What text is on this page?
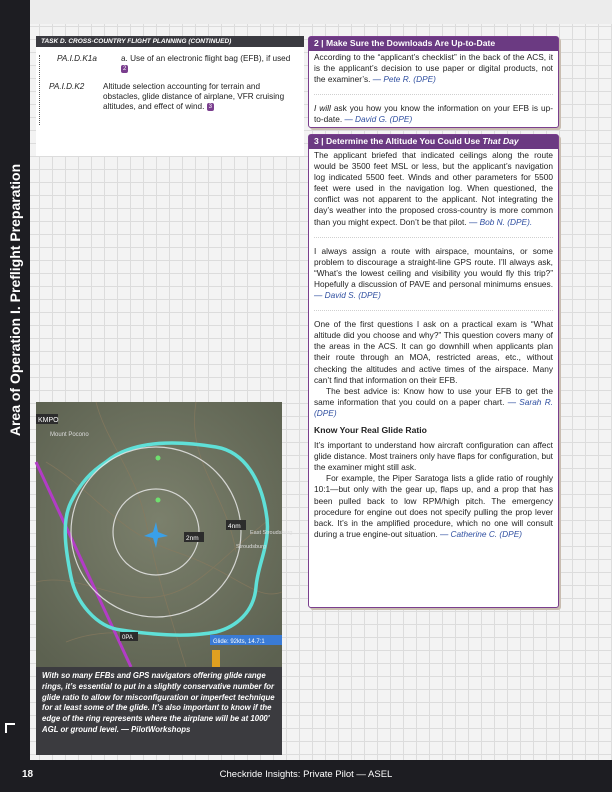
Area of Operation I. Preflight Preparation
TASK D. CROSS-COUNTRY FLIGHT PLANNING (CONTINUED)
PA.I.D.K1a	a. Use of an electronic flight bag (EFB), if used 2
PA.I.D.K2 Altitude selection accounting for terrain and obstacles, glide distance of airplane, VFR cruising altitudes, and effect of wind. 3
2 | Make Sure the Downloads Are Up-to-Date

According to the “applicant’s checklist” in the back of the ACS, it is the applicant’s decision to use paper or digital products, not the examiner’s. — Pete R. (DPE)

I will ask you how you know the information on your EFB is up-to-date. — David G. (DPE)

3 | Determine the Altitude You Could Use That Day

The applicant briefed that indicated ceilings along the route would be 3500 feet MSL or less, but the applicant’s navigation log indicated 5500 feet. Winds and other parameters for 5500 feet were used in the navigation log. When questioned, the conflict was not apparent to the applicant. Not integrating the day’s weather into the proposed cross-country is more common than you might expect. Don’t be that pilot. — Bob N. (DPE).

I always assign a route with airspace, mountains, or some problem to discourage a straight-line GPS route. I’ll always ask, “What’s the lowest ceiling and visibility you would fly this trip?” Hopefully a discussion of PAVE and personal minimums ensues. — David S. (DPE)

One of the first questions I ask on a practical exam is “What altitude did you choose and why?” This question covers many of the areas in the ACS. It can go downhill when applicants plan their route through an MOA, restricted areas, etc., without checking the altitudes and active times of the airspace. Many can’t find that information on their EFB.

The best advice is: Know how to use your EFB to get the same information that you could on a paper chart. — Sarah R. (DPE)

Know Your Real Glide Ratio

It’s important to understand how aircraft configuration can affect glide distance. Most trainers only have flaps for configuration, but the examiner might still ask.

For example, the Piper Saratoga lists a glide ratio of roughly 10:1—but only with the gear up, flaps up, and a prop that has been pulled back to low RPM/high pitch. The emergency procedure for engine out does not specify pulling the prop lever back. It’s in the amplified procedure, which no one will consult during a true engine-out situation. — Catherine C. (DPE)

KMPO
Mount Pocono
4nm
2nm
East Stroudsburg
Stroudsburg
0PA
Glide: 92kts, 14.7:1
With so many EFBs and GPS navigators offering glide range rings, it’s essential to put in a slightly conservative number for glide ratio to allow for misconfiguration or imperfect technique for at least some of the glide. It’s also important to know if the edge of the ring represents where the airplane will be at 1000′ AGL or ground level. — PilotWorkshops
18	Checkride Insights: Private Pilot — ASEL
